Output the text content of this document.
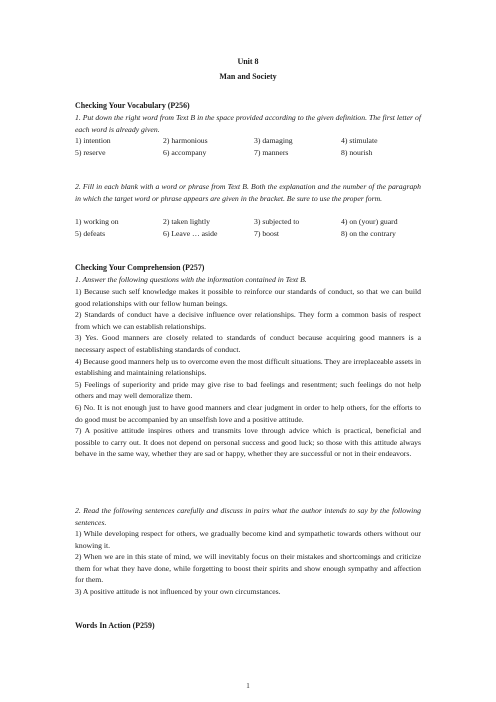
Unit 8
Man and Society
Checking Your Vocabulary (P256)
1. Put down the right word from Text B in the space provided according to the given definition. The first letter of each word is already given.
1) intention	2) harmonious	3) damaging	4) stimulate
5) reserve	6) accompany	7) manners	8) nourish
2. Fill in each blank with a word or phrase from Text B. Both the explanation and the number of the paragraph in which the target word or phrase appears are given in the bracket. Be sure to use the proper form.
1) working on	2) taken lightly	3) subjected to	4) on (your) guard
5) defeats	6) Leave … aside	7) boost	8) on the contrary
Checking Your Comprehension (P257)
1. Answer the following questions with the information contained in Text B.
1) Because such self knowledge makes it possible to reinforce our standards of conduct, so that we can build good relationships with our fellow human beings.
2) Standards of conduct have a decisive influence over relationships. They form a common basis of respect from which we can establish relationships.
3) Yes. Good manners are closely related to standards of conduct because acquiring good manners is a necessary aspect of establishing standards of conduct.
4) Because good manners help us to overcome even the most difficult situations. They are irreplaceable assets in establishing and maintaining relationships.
5) Feelings of superiority and pride may give rise to bad feelings and resentment; such feelings do not help others and may well demoralize them.
6) No. It is not enough just to have good manners and clear judgment in order to help others, for the efforts to do good must be accompanied by an unselfish love and a positive attitude.
7) A positive attitude inspires others and transmits love through advice which is practical, beneficial and possible to carry out. It does not depend on personal success and good luck; so those with this attitude always behave in the same way, whether they are sad or happy, whether they are successful or not in their endeavors.
2. Read the following sentences carefully and discuss in pairs what the author intends to say by the following sentences.
1) While developing respect for others, we gradually become kind and sympathetic towards others without our knowing it.
2) When we are in this state of mind, we will inevitably focus on their mistakes and shortcomings and criticize them for what they have done, while forgetting to boost their spirits and show enough sympathy and affection for them.
3) A positive attitude is not influenced by your own circumstances.
Words In Action (P259)
1
